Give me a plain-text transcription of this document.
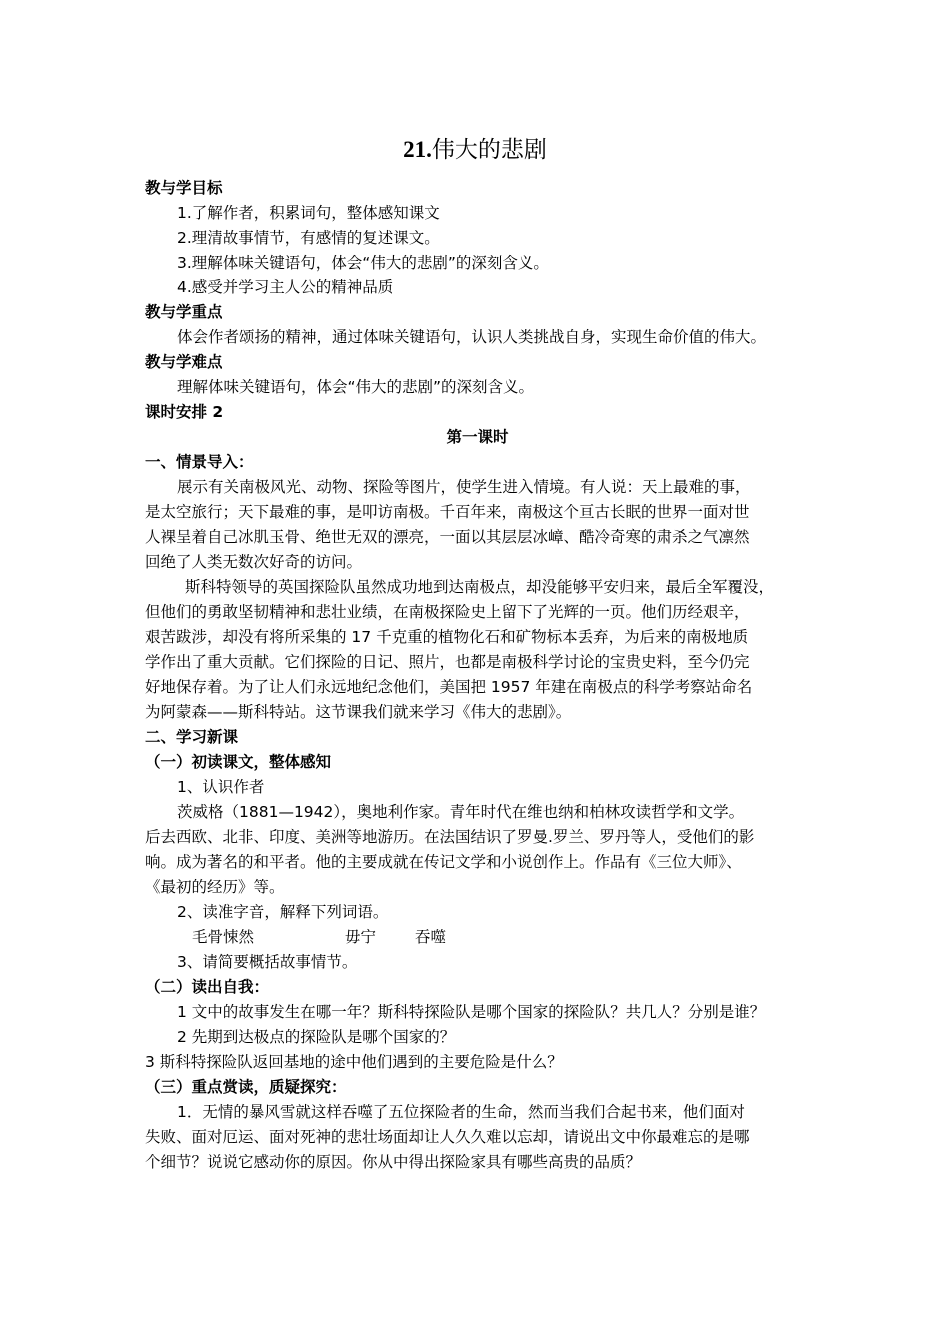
21.伟大的悲剧
教与学目标
1.了解作者，积累词句，整体感知课文
2.理清故事情节，有感情的复述课文。
3.理解体味关键语句，体会“伟大的悲剧”的深刻含义。
4.感受并学习主人公的精神品质
教与学重点
体会作者颂扬的精神，通过体味关键语句，认识人类挑战自身，实现生命价值的伟大。
教与学难点
理解体味关键语句，体会“伟大的悲剧”的深刻含义。
课时安排 2
第一课时
一、情景导入：
展示有关南极风光、动物、探险等图片，使学生进入情境。有人说：天上最难的事，
是太空旅行；天下最难的事，是叩访南极。千百年来，南极这个亘古长眠的世界一面对世
人裸呈着自己冰肌玉骨、绝世无双的漂亮，一面以其层层冰嶂、酷冷奇寒的肃杀之气凛然
回绝了人类无数次好奇的访问。
斯科特领导的英国探险队虽然成功地到达南极点，却没能够平安归来，最后全军覆没，
但他们的勇敢坚韧精神和悲壮业绩，在南极探险史上留下了光辉的一页。他们历经艰辛，
艰苦跋涉，却没有将所采集的 17 千克重的植物化石和矿物标本丢弃，为后来的南极地质
学作出了重大贡献。它们探险的日记、照片，也都是南极科学讨论的宝贵史料，至今仍完
好地保存着。为了让人们永远地纪念他们，美国把 1957 年建在南极点的科学考察站命名
为阿蒙森——斯科特站。这节课我们就来学习《伟大的悲剧》。
二、学习新课
（一）初读课文，整体感知
1、认识作者
茨威格（1881—1942），奥地利作家。青年时代在维也纳和柏林攻读哲学和文学。
后去西欧、北非、印度、美洲等地游历。在法国结识了罗曼.罗兰、罗丹等人，受他们的影
响。成为著名的和平者。他的主要成就在传记文学和小说创作上。作品有《三位大师》、
《最初的经历》等。
2、读准字音，解释下列词语。
毛骨悚然	毋宁	吞噬
3、请简要概括故事情节。
（二）读出自我：
1 文中的故事发生在哪一年？斯科特探险队是哪个国家的探险队？共几人？分别是谁？
2 先期到达极点的探险队是哪个国家的？
3 斯科特探险队返回基地的途中他们遇到的主要危险是什么？
（三）重点赏读，质疑探究：
1．无情的暴风雪就这样吞噬了五位探险者的生命，然而当我们合起书来，他们面对
失败、面对厄运、面对死神的悲壮场面却让人久久难以忘却，请说出文中你最难忘的是哪
个细节？说说它感动你的原因。你从中得出探险家具有哪些高贵的品质？
